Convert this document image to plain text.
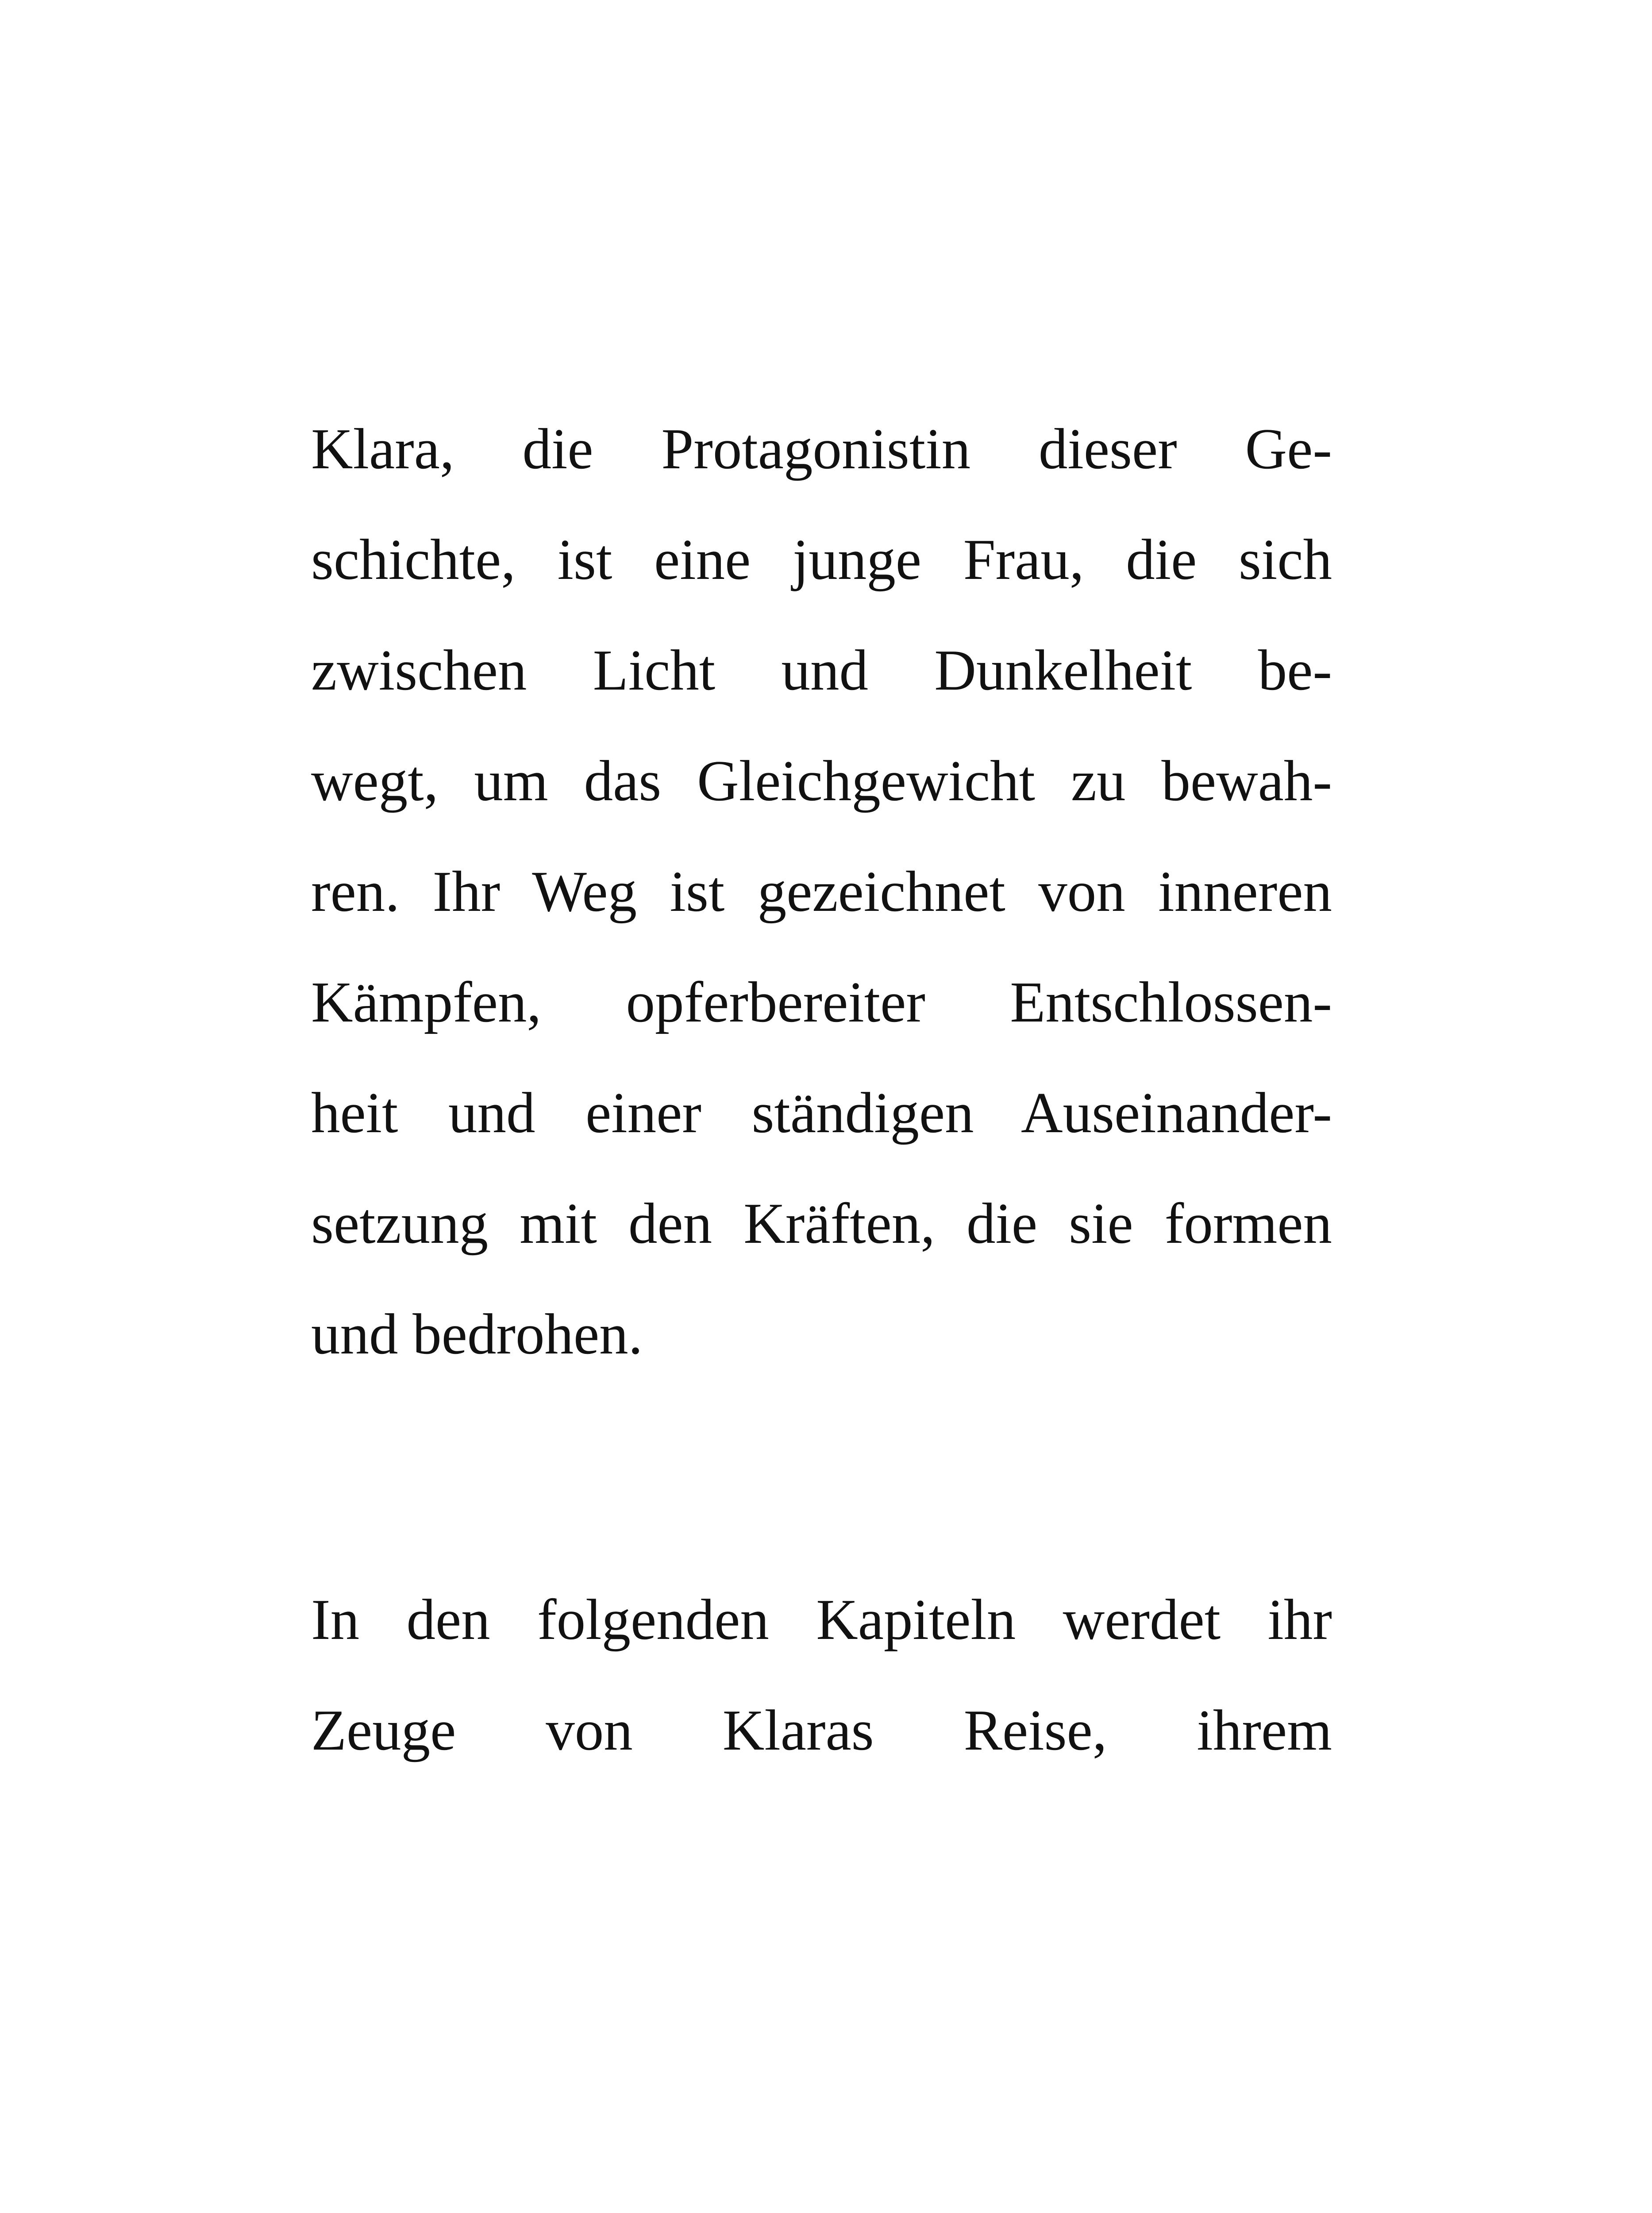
Klara, die Protagonistin dieser Ge-
schichte, ist eine junge Frau, die sich
zwischen Licht und Dunkelheit be-
wegt, um das Gleichgewicht zu bewah-
ren. Ihr Weg ist gezeichnet von inneren
Kämpfen, opferbereiter Entschlossen-
heit und einer ständigen Auseinander-
setzung mit den Kräften, die sie formen
und bedrohen.
In den folgenden Kapiteln werdet ihr
Zeuge von Klaras Reise, ihrem
